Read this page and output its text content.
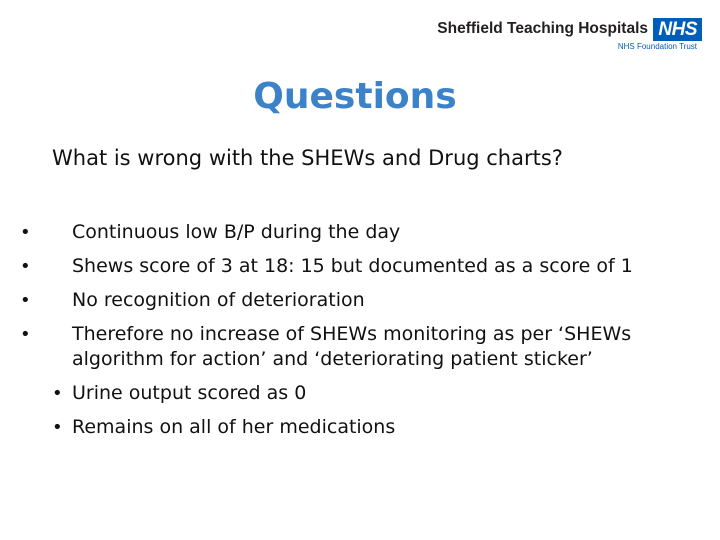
Sheffield Teaching Hospitals NHS
NHS Foundation Trust
Questions

What is wrong with the SHEWs and Drug charts?

•	Continuous low B/P during the day
•	Shews score of 3 at 18: 15 but documented as a score of 1
•	No recognition of deterioration
•	Therefore no increase of SHEWs monitoring as per ‘SHEWs algorithm for action’ and ‘deteriorating patient sticker’
• Urine output scored as 0
• Remains on all of her medications
